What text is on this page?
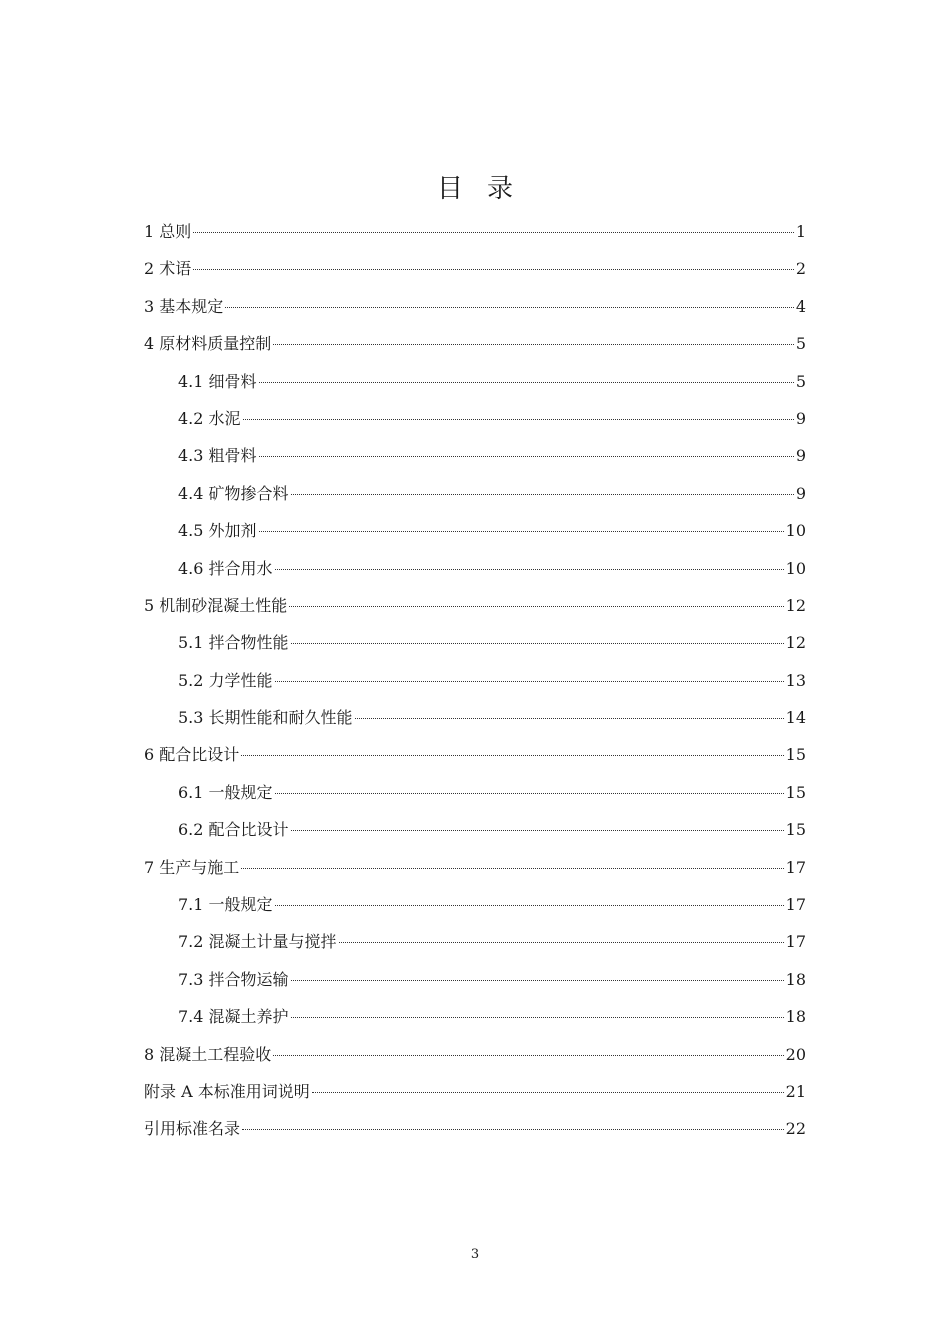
目 录
1 总则	1
2 术语	2
3 基本规定	4
4 原材料质量控制	5
4.1 细骨料	5
4.2 水泥	9
4.3 粗骨料	9
4.4 矿物掺合料	9
4.5 外加剂	10
4.6 拌合用水	10
5 机制砂混凝土性能	12
5.1 拌合物性能	12
5.2 力学性能	13
5.3 长期性能和耐久性能	14
6 配合比设计	15
6.1 一般规定	15
6.2 配合比设计	15
7 生产与施工	17
7.1 一般规定	17
7.2 混凝土计量与搅拌	17
7.3 拌合物运输	18
7.4 混凝土养护	18
8 混凝土工程验收	20
附录 A 本标准用词说明	21
引用标准名录	22
3
